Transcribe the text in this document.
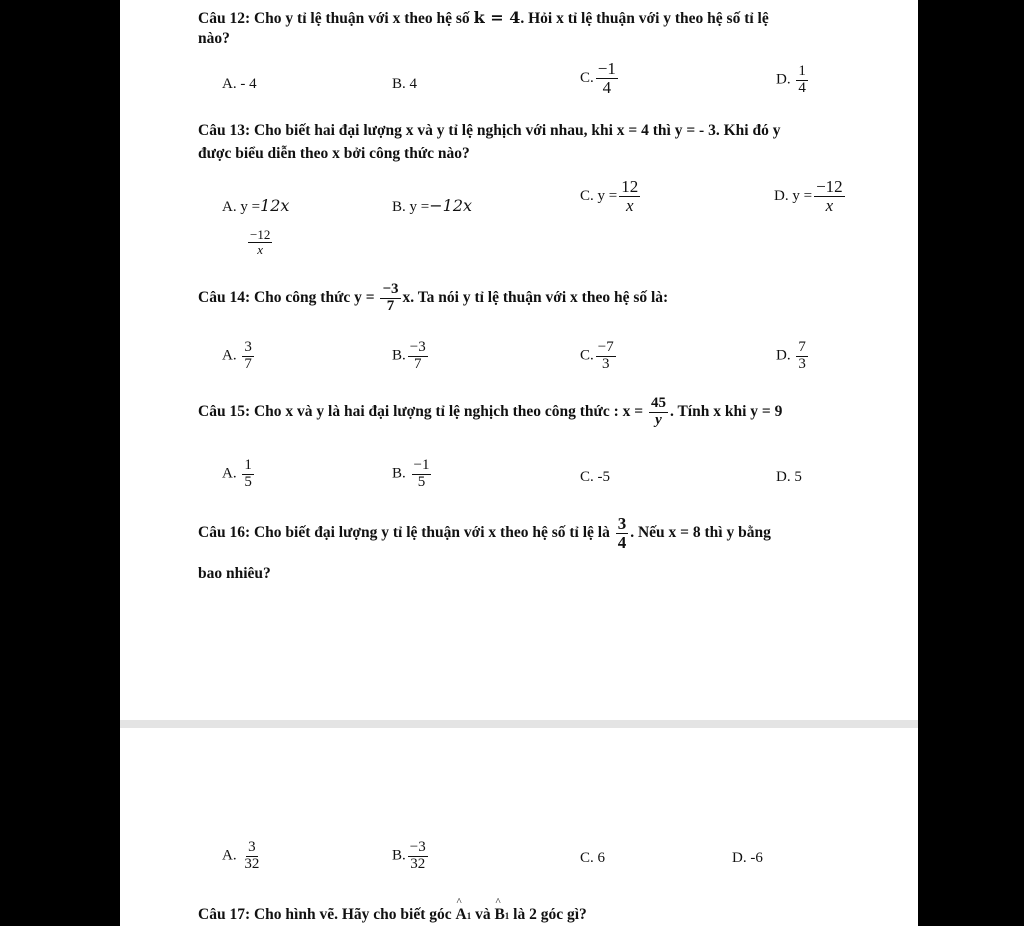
Câu 12: Cho y tỉ lệ thuận với x theo hệ số k = 4. Hỏi x tỉ lệ thuận với y theo hệ số tỉ lệ
nào?
A. - 4	B. 4	C. $\frac{-1}{4}$	D. $\frac{1}{4}$
Câu 13: Cho biết hai đại lượng x và y tỉ lệ nghịch với nhau, khi x = 4 thì y = - 3. Khi đó y
được biểu diễn theo x bởi công thức nào?
A. y =12x	B. y =−12x
C. $y = \frac{12}{x}$	D. $y = \frac{-12}{x}$
$\frac{-12}{x}$
Câu 14: Cho công thức $y = \frac{-3}{7} x$. Ta nói y tỉ lệ thuận với x theo hệ số là:
A. $\frac{3}{7}$	B. $\frac{-3}{7}$	C. $\frac{-7}{3}$	D. $\frac{7}{3}$
Câu 15: Cho x và y là hai đại lượng tỉ lệ nghịch theo công thức : $x = \frac{45}{y}$ . Tính x khi y = 9
A. $\frac{1}{5}$	B. $\frac{-1}{5}$	C. -5	D. 5
Câu 16: Cho biết đại lượng y tỉ lệ thuận với x theo hệ số tỉ lệ là $\frac{3}{4}$ . Nếu x = 8 thì y bằng
bao nhiêu?
A. $\frac{3}{32}$	B. $\frac{-3}{32}$	C. 6	D. -6
Câu 17: Cho hình vẽ. Hãy cho biết góc ^ A1 và ^ B1 là 2 góc gì?
